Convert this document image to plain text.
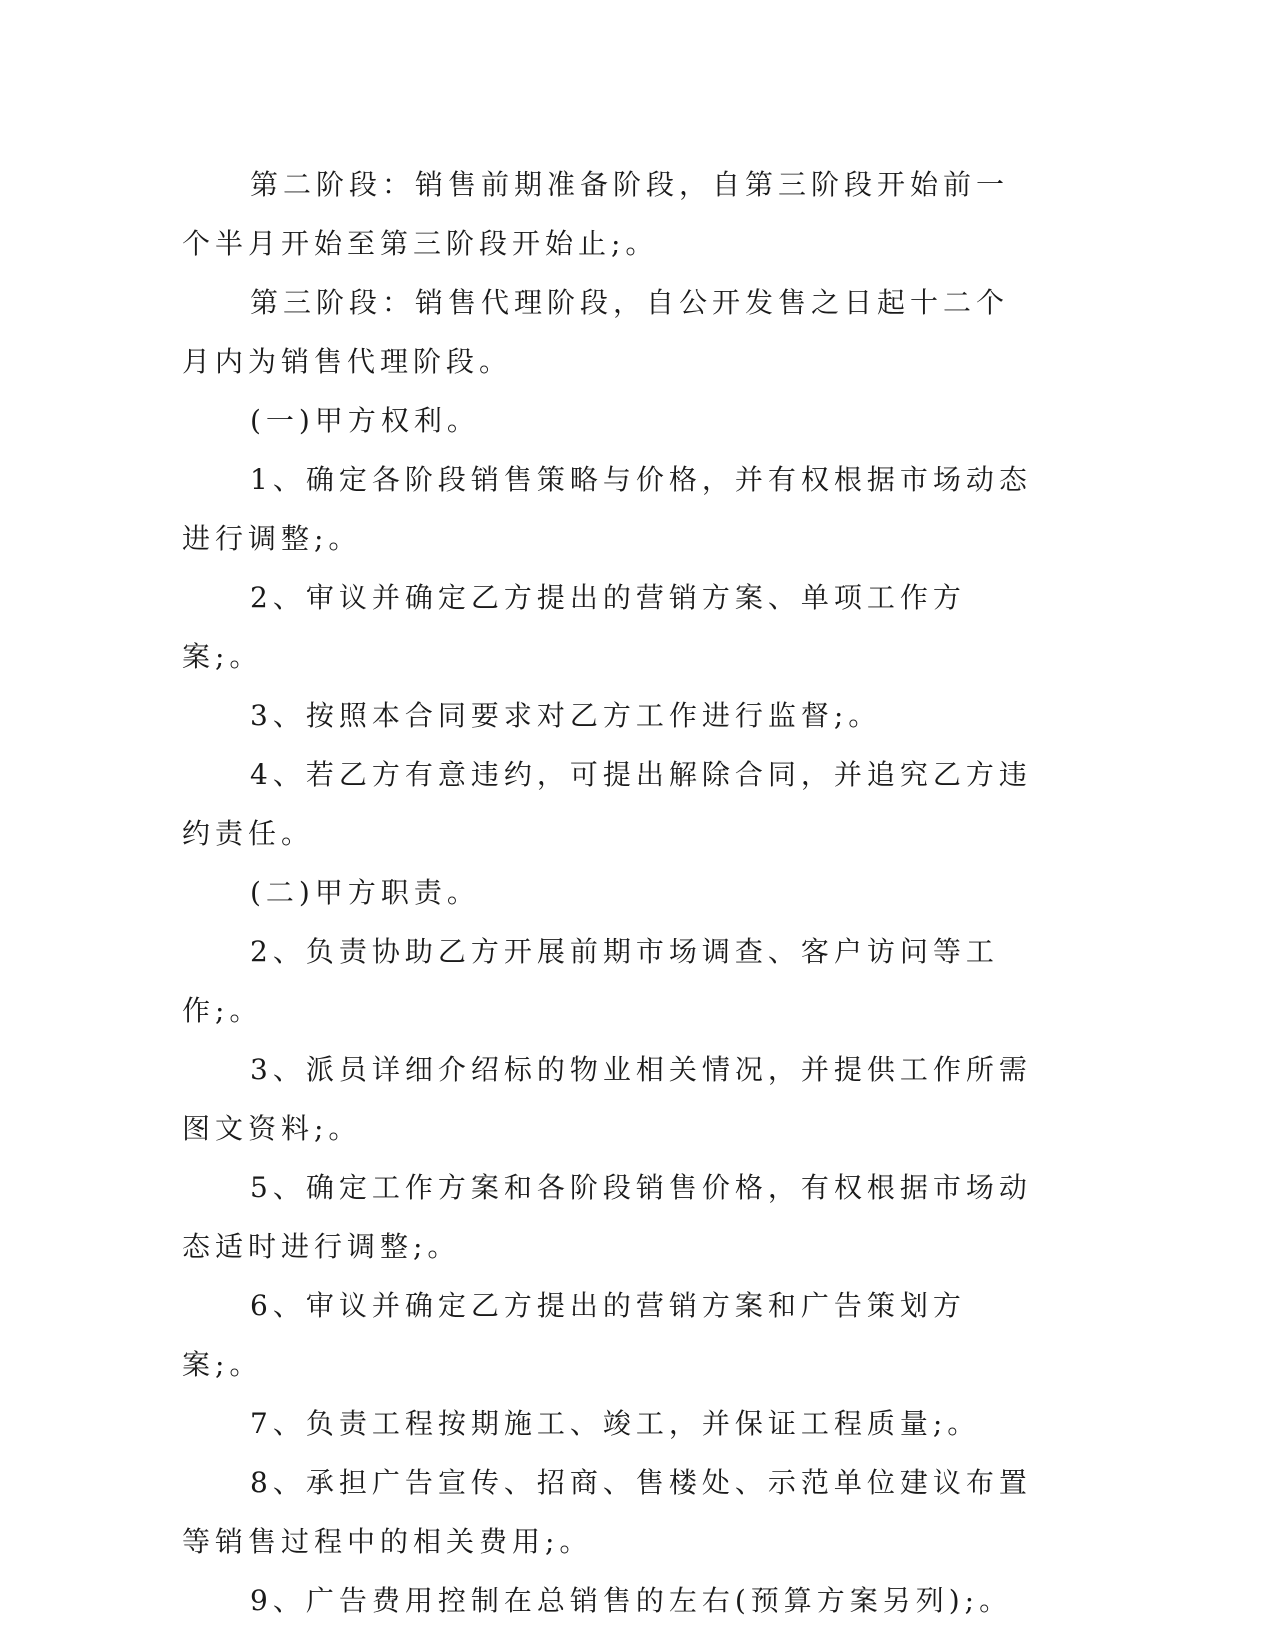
第二阶段：销售前期准备阶段，自第三阶段开始前一个半月开始至第三阶段开始止;。

第三阶段：销售代理阶段，自公开发售之日起十二个月内为销售代理阶段。

(一)甲方权利。

1、确定各阶段销售策略与价格，并有权根据市场动态进行调整;。

2、审议并确定乙方提出的营销方案、单项工作方案;。

3、按照本合同要求对乙方工作进行监督;。

4、若乙方有意违约，可提出解除合同，并追究乙方违约责任。

(二)甲方职责。

2、负责协助乙方开展前期市场调查、客户访问等工作;。

3、派员详细介绍标的物业相关情况，并提供工作所需图文资料;。

5、确定工作方案和各阶段销售价格，有权根据市场动态适时进行调整;。

6、审议并确定乙方提出的营销方案和广告策划方案;。

7、负责工程按期施工、竣工，并保证工程质量;。

8、承担广告宣传、招商、售楼处、示范单位建议布置等销售过程中的相关费用;。

9、广告费用控制在总销售的左右(预算方案另列);。
